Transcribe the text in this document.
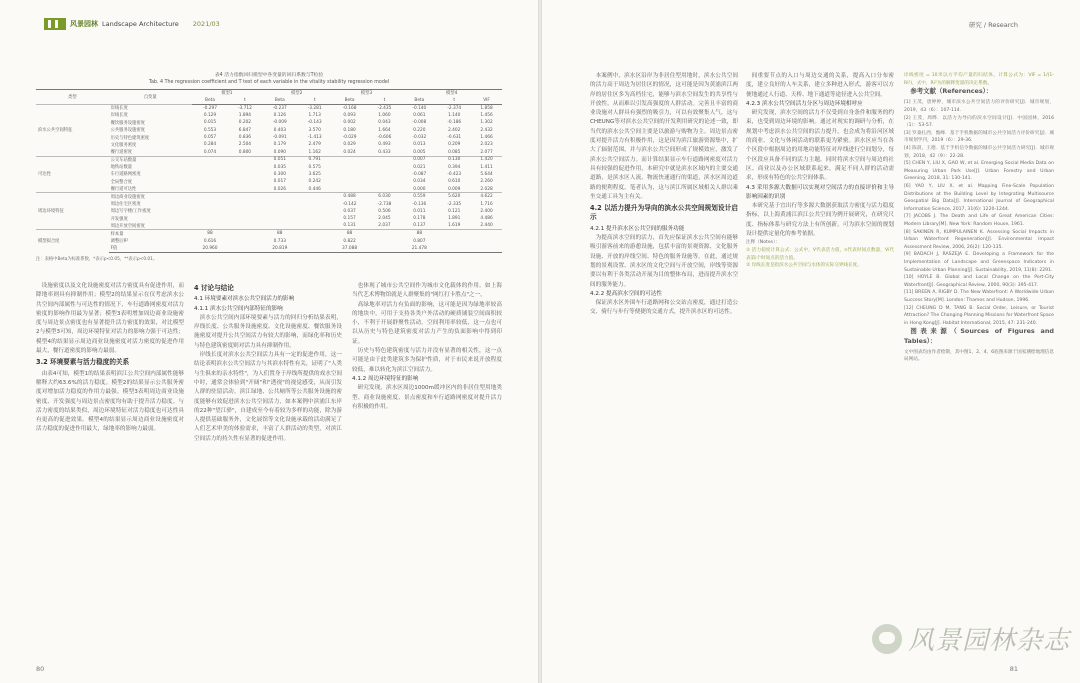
风景园林 Landscape Architecture 2021/03
表4 活力指数回归模型中各变量的回归系数与T检验
Tab. 4 The regression coefficient and T test of each variable in the vitality stability regression model
类型	自变量	模型1		模型2		模型3		模型4		
		Beta	t	Beta	t	Beta	t	Beta	t	VIF
滨水公共空间特征	岸线长度	-0.297	-3.712	-0.237	-3.281	-0.168	-2.435	-0.140	-2.374	1.858
	岸线长度	0.129	1.894	0.126	1.713	0.093	1.060	0.061	1.140	1.456
	餐饮服务设施密度	0.015	0.202	-0.009	-0.143	0.002	0.043	-0.008	-0.186	1.302
	公共服务设施密度	0.553	6.847	0.403	3.570	0.180	1.664	0.220	2.402	2.432
	历史与特色建筑密度	0.057	0.836	-0.091	-1.413	-0.029	-0.606	-0.032	-0.631	1.466
	文化服务密度	0.284	2.504	0.179	2.479	0.029	0.493	0.013	0.209	2.023
	餐行道密度	0.074	0.800	0.090	1.162	0.024	0.433	0.005	0.085	2.077
可达性	公交车站数量			0.051	0.791			0.007	0.130	1.420
	地铁站数量			0.035	0.575			0.021	0.394	1.411
	车行道路网密度			0.300	3.625			-0.087	-0.423	5.644
	全局整合度			0.017	0.242			0.034	0.610	2.260
	餐行道可达性			0.026	0.446			0.000	0.009	2.028
周边环境特征	周边商业设施密度					0.488	6.030	0.559	5.620	4.622
	周边住宅区密度					-0.142	-2.738	-0.136	-2.335	1.716
	周边写字楼/工作密度					0.037	0.506	0.011	0.121	2.400
	开发强度					0.157	2.045	0.178	1.891	4.486
	周边开放空间密度					0.131	2.037	0.137	1.619	2.440
模型拟合度	样本量	88		88		88		88		
	调整后R²	0.616		0.733		0.822		0.807		
	F值	20.960		20.819		37.088		21.478		
注：表格中Beta为标准系数，*表示p<0.05，**表示p<0.01。

设施密度以及文化设施密度对活力密度具有促进作用，而降地率则具有抑制作用；模型2的结果显示在仅考虑滨水公共空间内部属性与可达性的情况下，车行道路网密度对活力密度的影响作用最为显著；模型3表明增加周边商业设施密度与周边景点密度也有显著提升活力密度的效果，对比模型2与模型3可知，周边环境特征对活力的影响力强于可达性；模型4的结果显示周边商业设施密度对活力密度的促进作用最大，餐行道密度的影响力最弱。

3.2 环境要素与活力稳度的关系

由表4可知，模型1的结果表明滨江公共空间内部属性能够解释大约63.6%的活力稳度。模型2的结果显示公共服务密度对增加活力稳度的作用力最强。模型3表明周边商业设施密度、开发强度与周边景点密度均有助于提升活力稳度。与活力密度的结果类似，周边环境特征对活力稳度也可达性具有更高的促进效果。模型4的结果显示周边商业设施密度对活力稳度的促进作用最大，绿地率的影响力最弱。

4 讨论与结论

4.1 环境要素对滨水公共空间活力的影响

4.1.1 滨水公共空间内部特征的影响

滨水公共空间内部环境要素与活力的回归分析结果表明，岸线长度、公共服务设施密度、文化设施密度、餐饮服务设施密度对提升公共空间活力有较大的影响，而绿化率和历史与特色建筑密度则对活力具有抑制作用。

岸线长度对滨水公共空间活力具有一定的促进作用，这一结论表明滨水公共空间活力与其滨水特性有关，证明了"人类与生俱来的亲水特性"，为人们置身于岸线所提供的戏水空间中时，通常会体验到"开阔"和"透视"的视觉感受，从而引发人群的驻留活动。滨江绿地、公共厕所等公共服务设施的密度能够有效促进滨水公共空间活力，如本案例中滨浦江东岸的22种"望江驿"，自建成至今有着较为多样的功能，除为游人提供基础服务外，文化展馆等文化设施承载的活动满足了人们艺术审美的体验需求，丰富了人群活动的类型，对滨江空间活力的持久性有显著的促进作用。

也体现了城市公共空间作为城市文化载体的作用。如上海当代艺术博物馆就是人群聚集的"网红打卡胜点"之一。

高绿地率对活力有负面的影响，这可能是因为绿地率较高的地块中，可用于支持各类户外活动的硬质铺装空间面积较小，不利于开展群聚性活动。空间利用率较低，这一点也可以从历史与特色建筑密度对活力产生的负面影响中得到印证。

历史与特色建筑密度与活力并没有显著的相关性，这一点可能是由于此类建筑多为保护性质，对于市民来说开放程度较低，难以转化为滨江空间活力。

4.1.2 周边环境特征的影响

研究发现，滨水区周边1000m缓冲区内的非居住型用地类型、商业设施密度、景点密度和车行道路网密度对提升活力有积极的作用。

80
研究 / Research

本案例中，滨水区沿岸为非居住型用地时，滨水公共空间的活力高于周边为居住区的情况，这可能是因为黄浦滨江两岸的居住区多为高档住宅，能够与滨水空间发生的共享性与开放性，从而难以引发高强度的人群活动。完善且丰富的商业设施对人群具有强烈的吸引力，可以有效聚集人气，这与CHEUNG等对滨水公共空间的开发利用研究的论述一致，即当代的滨水公共空间主要是以旅游与购物为主。周边景点密度对提升活力有积极作用，这是因为滨江旅游资源集中，扩大了辐射范围，并与滨水公共空间形成了规模效应，激发了滨水公共空间活力。而计算结果显示车行道路网密度对活力具有较强的促进作用，本研究中就是滨水区域内的主要交通道路，是滨水区人流、物流快速通行的渠道，滨水区周边道路的便利程度，笔者认为，这与滨江所属区域相关人群以乘坐交通工具为主有关。

4.2 以活力提升为导向的滨水公共空间规划设计启示

4.2.1 提升滨水区公共空间的服务功能

为提高滨水空间的活力，首先应保证滨水公共空间有能够吸引游客前来的游憩设施，包括丰富的景观资源、文化服务设施、开放的岸线空间、特色的服务设施等。在此，通过规划的景观设置、滨水区的文化空间与开放空间，岸线等资源要以有利于各类活动开展为目的整体布局，进而提升滨水空间的服务能力。

4.2.2 提高滨水空间的可达性

保证滨水区外围车行道路网和公交站点密度，通过打造公交、骑行与步行等便捷的交通方式，提升滨水区的可达性。

间重要节点的入口与周边交通的关系，提高入口分布密度，建立良好的人车关系，建立多种进入形式，游客可以方便地通过人行道、天桥、地下通道等途径进入公共空间。

4.2.3 滨水公共空间活力分区与周边环境相呼应

研究发现，滨水空间的活力不仅受到自身条件和服务的约束，也受到周边环境的影响。通过对现实的调研与分析，在规划中考虑滨水公共空间的活力提升，也会成为将沿河区域的商业、文化与休闲活动的联系更为紧密。滨水区应当在各个区段中根据周边的用地功能特征对岸线进行空间划分，每个区段应具备不同的活力主题，同时将滨水空间与周边的社区、商业以及办公区域联系起来，满足不同人群的活动需求，形成有特色的公共空间体系。

4.3 采用多源大数据可以实现对空间活力的直接评价和主导影响因素的识别

本研究基于宜出行等多源大数据获取活力密度与活力稳度指标，以上海黄浦江滨江公共空间为例开展研究，在研究尺度、指标体系与研究方法上有所创新，可为滨水空间的规划设计提供定量化的参考依据。

注释（Notes）：

① 活力稳度计算公式：公式中，V代表活力值，n代表时间点数量，Vi代表第i个时间点的活力值。

② 岸线长度是指滨水公共空间与水体的实际交界线长度。

岸线密度 = 10米以方平均产量的归结体。计算公式为：VIF = 1/(1-Ri²)，式中，Ri²为的解释变量的决定系数。

参考文献（References）：

[1] 王茂，唐婷婷，城市滨水公共空间活力的评价研究[J]．城市规划，2019，43（6）：107-114.

[2] 王茂，周晔．以活力为导向的滨水空间设计[J]．中国园林，2016（1）：53-57.

[3] 罗桑扎西，甄峰．基于手机数据的城市公共空间活力评价研究[J]．城市规划学刊，2019（6）：29-36.

[4] 陈晨，王德．基于手机信令数据的城市公共空间活力研究[J]．城市规划，2018，42（9）：22-28.

[5] CHEN Y, LIU X, GAO W, et al. Emerging Social Media Data on Measuring Urban Park Use[J]. Urban Forestry and Urban Greening, 2018, 31: 130-141.

[6] YAO Y, LIU X, et al. Mapping Fine-Scale Population Distributions at the Building Level by Integrating Multisource Geospatial Big Data[J]. International Journal of Geographical Information Science, 2017, 31(6): 1220-1244.

[7] JACOBS J. The Death and Life of Great American Cities: Modern Library[M]. New York: Random House, 1961.

[8] SAKINEN R, KUMPULAINEN K. Assessing Social Impacts in Urban Waterfront Regeneration[J]. Environmental Impact Assessment Review, 2006, 26(2): 120-135.

[9] BADACH J, RASZEJA E. Developing a Framework for the Implementation of Landscape and Greenspace Indicators in Sustainable Urban Planning[J]. Sustainability, 2019, 11(8): 2291.

[10] HOYLE B. Global and Local Change on the Port-City Waterfront[J]. Geographical Review, 2000, 90(3): 395-417.

[11] BREEN A, RIGBY D. The New Waterfront: A Worldwide Urban Success Story[M]. London: Thames and Hudson, 1996.

[12] CHEUNG D M, TANG B. Social Order, Leisure, or Tourist Attraction? The Changing Planning Missions for Waterfront Space in Hong Kong[J]. Habitat International, 2015, 47: 231-240.

图表来源（Sources of Figures and Tables）：

文中图表均由作者绘制，其中图1、2、4、6底图来源于国家测绘地理信息局网站。

风景园林杂志
81
